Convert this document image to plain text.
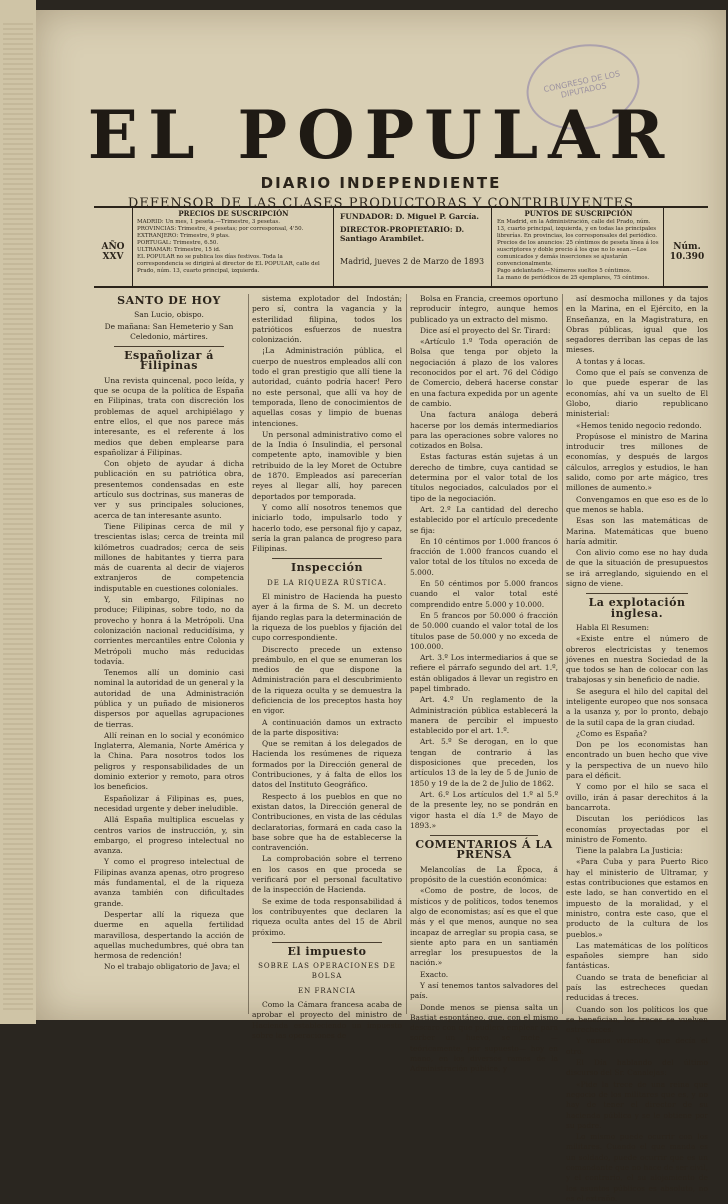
CONGRESO DE LOS DIPUTADOS
EL POPULAR
DIARIO INDEPENDIENTE
DEFENSOR DE LAS CLASES PRODUCTORAS Y CONTRIBUYENTES
AÑO XXV
PRECIOS DE SUSCRIPCIÓN
MADRID: Un mes, 1 peseta.—Trimestre, 3 pesetas.
PROVINCIAS: Trimestre, 4 pesetas; por corresponsal, 4'50.
EXTRANJERO: Trimestre, 9 ptas.
PORTUGAL: Trimestre, 6.50.
ULTRAMAR: Trimestre, 15 id.
EL POPULAR no se publica los días festivos. Toda la correspondencia se dirigirá al director de EL POPULAR, calle del Prado, núm. 13, cuarto principal, izquierda.
FUNDADOR: D. Miguel P. García.
DIRECTOR-PROPIETARIO: D. Santiago Arambilet.
Madrid, jueves 2 de Marzo de 1893
PUNTOS DE SUSCRIPCIÓN
En Madrid, en la Administración, calle del Prado, núm. 13, cuarto principal, izquierda, y en todas las principales librerías. En provincias, los corresponsales del periódico.
Precios de los anuncios: 25 céntimos de peseta línea á los suscriptores y doble precio á los que no lo sean.—Los comunicados y demás inserciones se ajustarán convencionalmente.
Pago adelantado.—Números sueltos 5 céntimos.
La mano de periódicos de 25 ejemplares, 75 céntimos.
Núm. 10.390
SANTO DE HOY

San Lucio, obispo.

De mañana: San Hemeterio y San Celedonio, mártires.

Españolizar á Filipinas

Una revista quincenal, poco leída, y que se ocupa de la política de España en Filipinas, trata con discreción los problemas de aquel archipiélago y entre ellos, el que nos parece más interesante, es el referente á los medios que deben emplearse para españolizar á Filipinas.

Con objeto de ayudar á dicha publicación en su patriótica obra, presentemos condensadas en este artículo sus doctrinas, sus maneras de ver y sus principales soluciones, acerca de tan interesante asunto.

Tiene Filipinas cerca de mil y trescientas islas; cerca de treinta mil kilómetros cuadrados; cerca de seis millones de habitantes y tierra para más de cuarenta al decir de viajeros extranjeros de competencia indisputable en cuestiones coloniales.

Y, sin embargo, Filipinas no produce; Filipinas, sobre todo, no da provecho y honra á la Metrópoli. Una colonización nacional reducidísima, y corrientes mercantiles entre Colonia y Metrópoli mucho más reducidas todavía.

Tenemos allí un dominio casi nominal la autoridad de un general y la autoridad de una Administración pública y un puñado de misioneros dispersos por aquellas agrupaciones de tierras.

Allí reinan en lo social y económico Inglaterra, Alemania, Norte América y la China. Para nosotros todos los peligros y responsabilidades de un dominio exterior y remoto, para otros los beneficios.

Españolizar á Filipinas es, pues, necesidad urgente y deber ineludible.

Allá España multiplica escuelas y centros varios de instrucción, y, sin embargo, el progreso intelectual no avanza.

Y como el progreso intelectual de Filipinas avanza apenas, otro progreso más fundamental, el de la riqueza avanza también con dificultades grande.

Despertar allí la riqueza que duerme en aquella fertilidad maravillosa, despertando la acción de aquellas muchedumbres, qué obra tan hermosa de redención!

No el trabajo obligatorio de Java; el

sistema explotador del Indostán; pero sí, contra la vagancia y la esterilidad filipina, todos los patrióticos esfuerzos de nuestra colonización.

¡La Administración pública, el cuerpo de nuestros empleados allí con todo el gran prestigio que allí tiene la autoridad, cuánto podría hacer! Pero no este personal, que allí va hoy de temporada, lleno de conocimientos de aquellas cosas y limpio de buenas intenciones.

Un personal administrativo como el de la India ó Insulindia, el personal competente apto, inamovible y bien retribuido de la ley Moret de Octubre de 1870. Empleados así parecerían reyes al llegar allí, hoy parecen deportados por temporada.

Y como allí nosotros tenemos que iniciarlo todo, impulsarlo todo y hacerlo todo, ese personal fijo y capaz, sería la gran palanca de progreso para Filipinas.

Inspección
DE LA RIQUEZA RÚSTICA.

El ministro de Hacienda ha puesto ayer á la firma de S. M. un decreto fijando reglas para la determinación de la riqueza de los pueblos y fijación del cupo correspondiente.

Discrecto precede un extenso preámbulo, en el que se enumeran los medios de que dispone la Administración para el descubrimiento de la riqueza oculta y se demuestra la deficiencia de los preceptos hasta hoy en vigor.

A continuación damos un extracto de la parte dispositiva:

Que se remitan á los delegados de Hacienda los resúmenes de riqueza formados por la Dirección general de Contribuciones, y á falta de ellos los datos del Instituto Geográfico.

Respecto á los pueblos en que no existan datos, la Dirección general de Contribuciones, en vista de las cédulas declaratorias, formará en cada caso la base sobre que ha de establecerse la contravención.

La comprobación sobre el terreno en los casos en que proceda se verificará por el personal facultativo de la inspección de Hacienda.

Se exime de toda responsabilidad á los contribuyentes que declaren la riqueza oculta antes del 15 de Abril próximo.

El impuesto
SOBRE LAS OPERACIONES DE BOLSA
EN FRANCIA

Como la Cámara francesa acaba de aprobar el proyecto del ministro de Hacienda estableciendo un impuesto sobre las operaciones de

Bolsa en Francia, creemos oportuno reproducir íntegro, aunque hemos publicado ya un extracto del mismo.

Dice así el proyecto del Sr. Tirard:

«Artículo 1.º Toda operación de Bolsa que tenga por objeto la negociación á plazo de los valores reconocidos por el art. 76 del Código de Comercio, deberá hacerse constar en una factura expedida por un agente de cambio.

Una factura análoga deberá hacerse por los demás intermediarios para las operaciones sobre valores no cotizados en Bolsa.

Estas facturas están sujetas á un derecho de timbre, cuya cantidad se determina por el valor total de los títulos negociados, calculados por el tipo de la negociación.

Art. 2.º La cantidad del derecho establecido por el artículo precedente se fija:

En 10 céntimos por 1.000 francos ó fracción de 1.000 francos cuando el valor total de los títulos no exceda de 5.000.

En 50 céntimos por 5.000 francos cuando el valor total esté comprendido entre 5.000 y 10.000.

En 5 francos por 50.000 ó fracción de 50.000 cuando el valor total de los títulos pase de 50.000 y no exceda de 100.000.

Art. 3.º Los intermediarios á que se refiere el párrafo segundo del art. 1.º, están obligados á llevar un registro en papel timbrado.

Art. 4.º Un reglamento de la Administración pública establecerá la manera de percibir el impuesto establecido por el art. 1.º.

Art. 5.º Se derogan, en lo que tengan de contrario á las disposiciones que preceden, los artículos 13 de la ley de 5 de Junio de 1850 y 19 de la de 2 de Julio de 1862.

Art. 6.º Los artículos del 1.º al 5.º de la presente ley, no se pondrán en vigor hasta el día 1.º de Mayo de 1893.»

COMENTARIOS Á LA PRENSA

Melancolías de La Época, á propósito de la cuestión económica:

«Como de postre, de locos, de místicos y de políticos, todos tenemos algo de economistas; así es que el que más y el que menos, aunque no sea incapaz de arreglar su propia casa, se siente apto para en un santiamén arreglar los presupuestos de la nación.»

Exacto.

Y así tenemos tantos salvadores del país.

Donde menos se piensa salta un Bastiat espontáneo, que, con el mismo descaro con que pudiera emplear para sorber un huevo, se mete —teóricamente, por supuesto— hoy en mano, en los diversos ramos de la Administración pública, y

así desmocha millones y da tajos en la Marina, en el Ejército, en la Enseñanza, en la Magistratura, en Obras públicas, igual que los segadores derriban las cepas de las mieses.

A tontas y á locas.

Como que el país se convenza de lo que puede esperar de las economías, ahí va un suelto de El Globo, diario republicano ministerial:

«Hemos tenido negocio redondo.

Propúsose el ministro de Marina introducir tres millones de economías, y después de largos cálculos, arreglos y estudios, le han salido, como por arte mágico, tres millones de aumento.»

Convengamos en que eso es de lo que menos se habla.

Esas son las matemáticas de Marina. Matemáticas que bueno haría admitir.

Con alivio como ese no hay duda de que la situación de presupuestos se irá arreglando, siguiendo en el signo de viene.

La explotación inglesa.

Habla El Resumen:

«Existe entre el número de obreros electricistas y tenemos jóvenes en nuestra Sociedad de la que todos se han de colocar con las trabajosas y sin beneficio de nadie.

Se asegura el hilo del capital del inteligente europeo que nos sonsaca a la usanza y, por lo pronto, debajo de la sutil capa de la gran ciudad.

¿Como es España?

Don pe los economistas han encontrado un buen hecho que vive y la perspectiva de un nuevo hilo para el déficit.

Y como por el hilo se saca el ovillo, irán á pasar derechitos á la bancarrota.

Discutan los periódicos las economías proyectadas por el ministro de Fomento.

Tiene la palabra La Justicia:

«Para Cuba y para Puerto Rico hay el ministerio de Ultramar, y estas contribuciones que estamos en este lado, se han convertido en el impuesto de la moralidad, y el ministro, contra este caso, que el producto de la cultura de los pueblos.»

Las matemáticas de los políticos españoles siempre han sido fantásticas.

Cuando se trata de beneficiar al país las estrecheces quedan reducidas á treces.

Cuando son los políticos los que se benefician, los treces se vuelven estrecheces.

Y vamos viviendo, que decía el otro.

El Día hablando del último discurso del Sr. Canalejas:

«Pide la trece de una reina que negocio de los militares que es, y no hay de tener el director de su hacienda pública y se le obtiene por su padre.

Lo mismo puede ocurrir con los militares. Cuando el que manda es un soldado, puede ocurrir que es un comandante que no hace de ser civil, y el contrario, el su alojamiento de los asuntos públicos es absoluto, no es el extraño.
